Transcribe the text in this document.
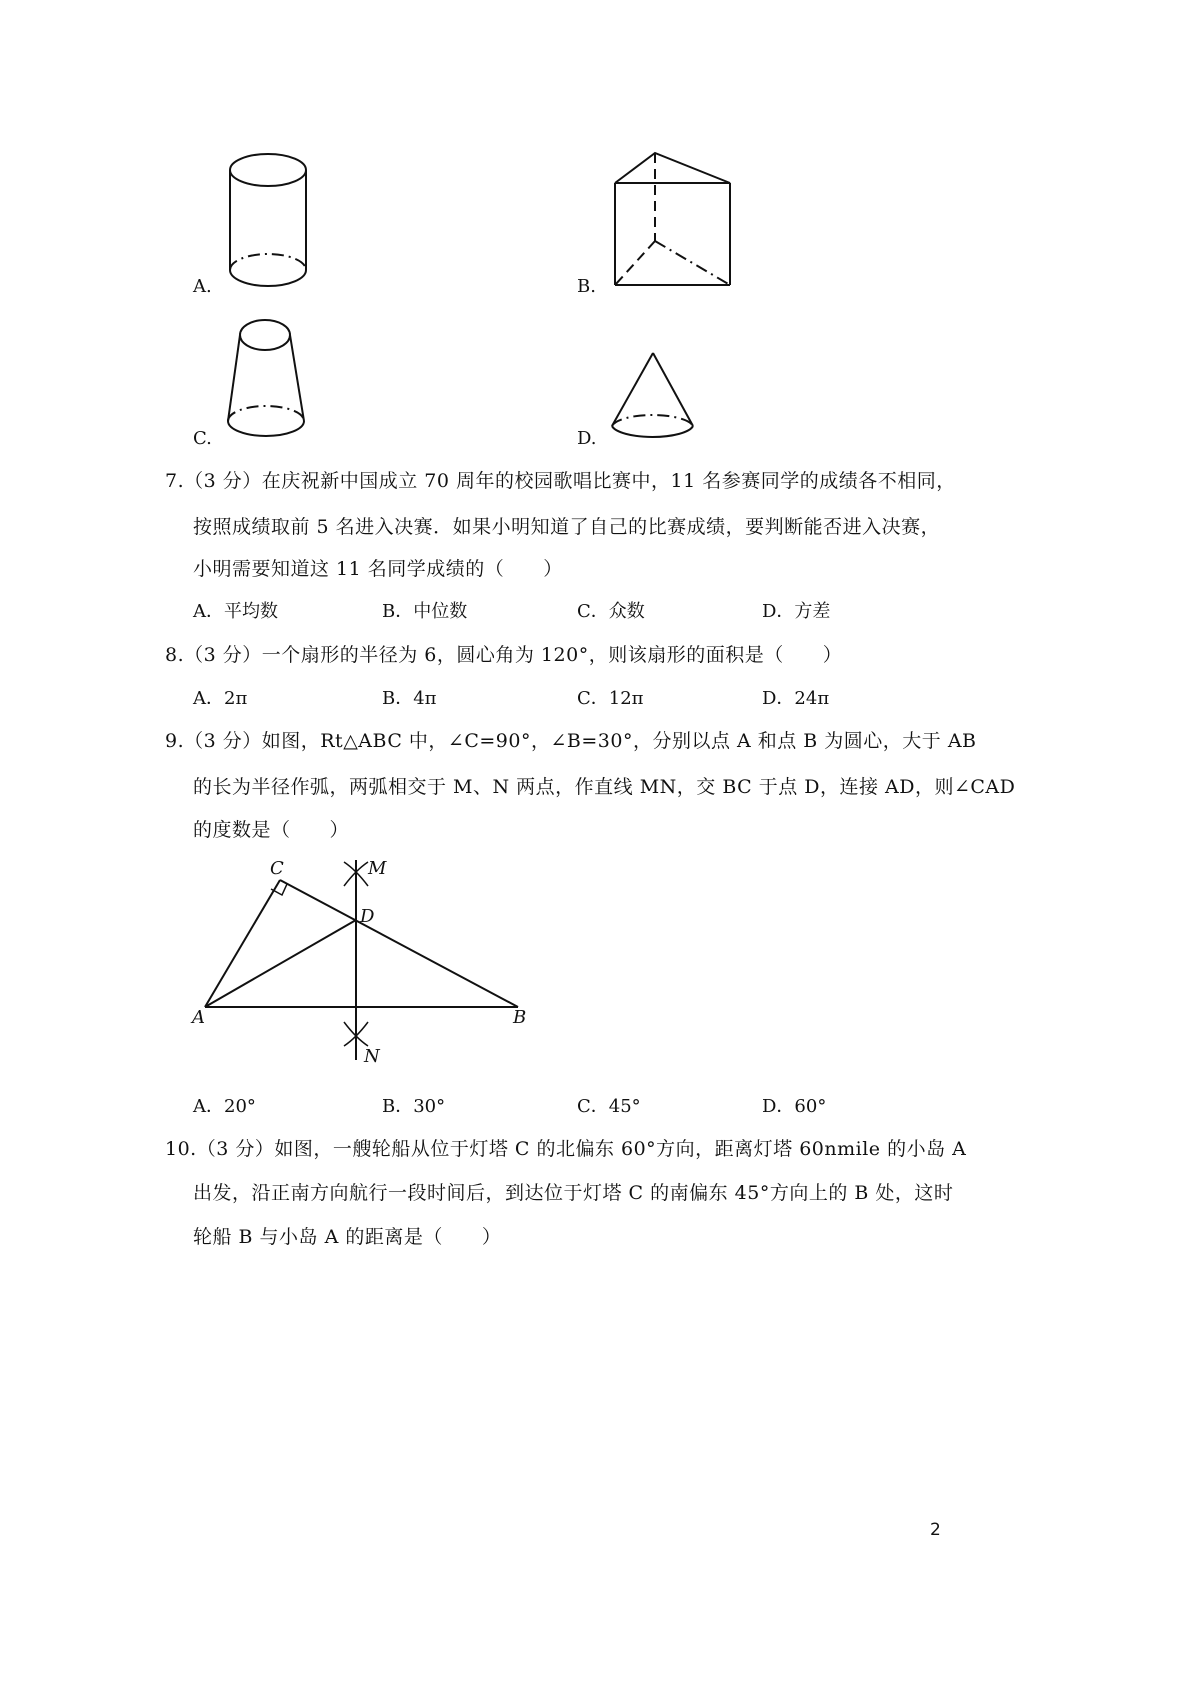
A.	B.
C.	D.
7.（3 分）在庆祝新中国成立 70 周年的校园歌唱比赛中，11 名参赛同学的成绩各不相同，
按照成绩取前 5 名进入决赛．如果小明知道了自己的比赛成绩，要判断能否进入决赛，
小明需要知道这 11 名同学成绩的（　　）
A．平均数	B．中位数	C．众数	D．方差
8.（3 分）一个扇形的半径为 6，圆心角为 120°，则该扇形的面积是（　　）
A．2π	B．4π	C．12π	D．24π
9.（3 分）如图，Rt△ABC 中，∠C=90°，∠B=30°，分别以点 A 和点 B 为圆心，大于 AB
的长为半径作弧，两弧相交于 M、N 两点，作直线 MN，交 BC 于点 D，连接 AD，则∠CAD
的度数是（　　）
C	M
D
A	B
N
A．20°	B．30°	C．45°	D．60°
10.（3 分）如图，一艘轮船从位于灯塔 C 的北偏东 60°方向，距离灯塔 60nmile 的小岛 A
出发，沿正南方向航行一段时间后，到达位于灯塔 C 的南偏东 45°方向上的 B 处，这时
轮船 B 与小岛 A 的距离是（　　）
2
